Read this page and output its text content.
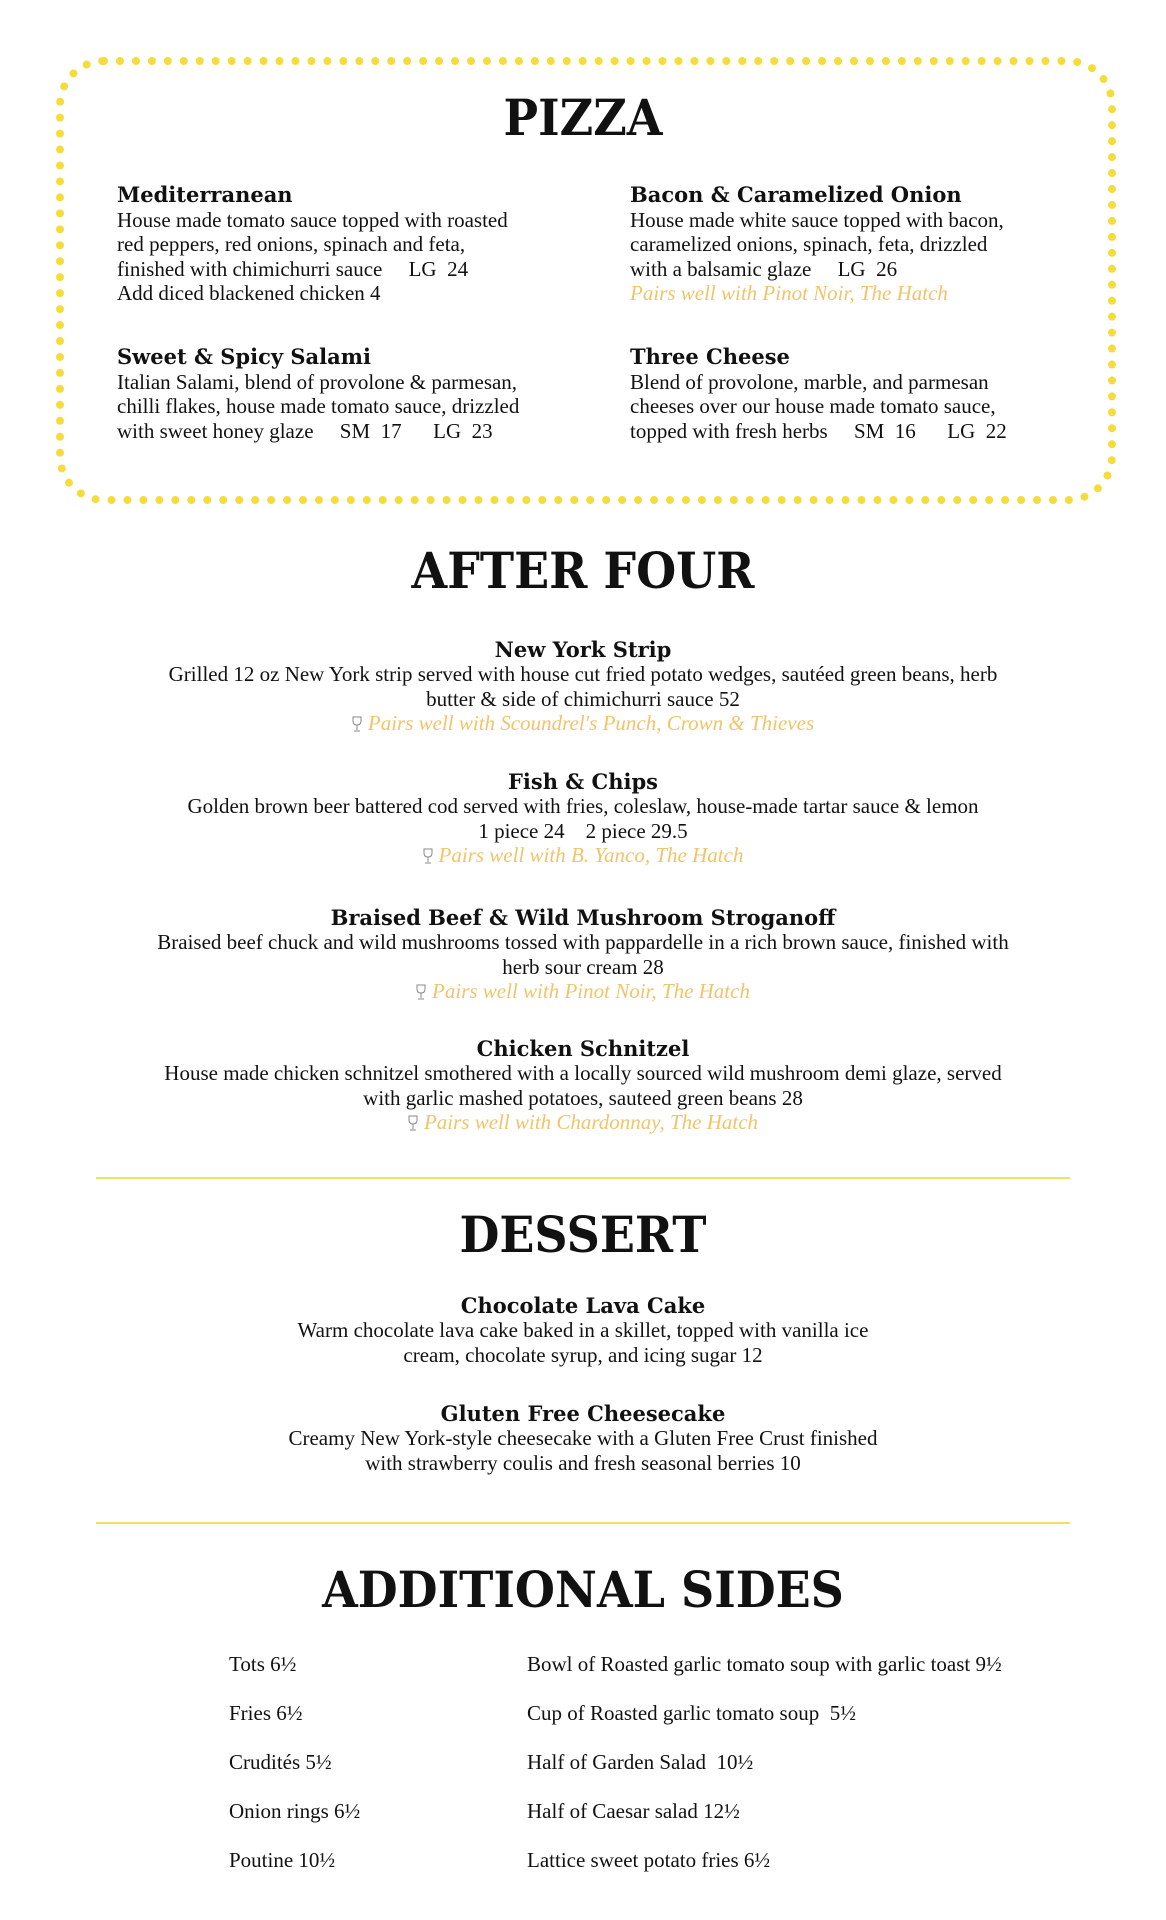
PIZZA
Mediterranean
House made tomato sauce topped with roasted
red peppers, red onions, spinach and feta,
finished with chimichurri sauce     LG  24
Add diced blackened chicken 4
Bacon & Caramelized Onion
House made white sauce topped with bacon,
caramelized onions, spinach, feta, drizzled
with a balsamic glaze     LG  26
Pairs well with Pinot Noir, The Hatch
Sweet & Spicy Salami
Italian Salami, blend of provolone & parmesan,
chilli flakes, house made tomato sauce, drizzled
with sweet honey glaze     SM  17      LG  23
Three Cheese
Blend of provolone, marble, and parmesan
cheeses over our house made tomato sauce,
topped with fresh herbs     SM  16      LG  22
AFTER FOUR
New York Strip
Grilled 12 oz New York strip served with house cut fried potato wedges, sautéed green beans, herb
butter & side of chimichurri sauce 52
Pairs well with Scoundrel's Punch, Crown & Thieves
Fish & Chips
Golden brown beer battered cod served with fries, coleslaw, house-made tartar sauce & lemon
1 piece 24    2 piece 29.5
Pairs well with B. Yanco, The Hatch
Braised Beef & Wild Mushroom Stroganoff
Braised beef chuck and wild mushrooms tossed with pappardelle in a rich brown sauce, finished with
herb sour cream 28
Pairs well with Pinot Noir, The Hatch
Chicken Schnitzel
House made chicken schnitzel smothered with a locally sourced wild mushroom demi glaze, served
with garlic mashed potatoes, sauteed green beans 28
Pairs well with Chardonnay, The Hatch
DESSERT
Chocolate Lava Cake
Warm chocolate lava cake baked in a skillet, topped with vanilla ice
cream, chocolate syrup, and icing sugar 12
Gluten Free Cheesecake
Creamy New York-style cheesecake with a Gluten Free Crust finished
with strawberry coulis and fresh seasonal berries 10
ADDITIONAL SIDES
Tots 6½
Fries 6½
Crudités 5½
Onion rings 6½
Poutine 10½
Bowl of Roasted garlic tomato soup with garlic toast 9½
Cup of Roasted garlic tomato soup  5½
Half of Garden Salad  10½
Half of Caesar salad 12½
Lattice sweet potato fries 6½
